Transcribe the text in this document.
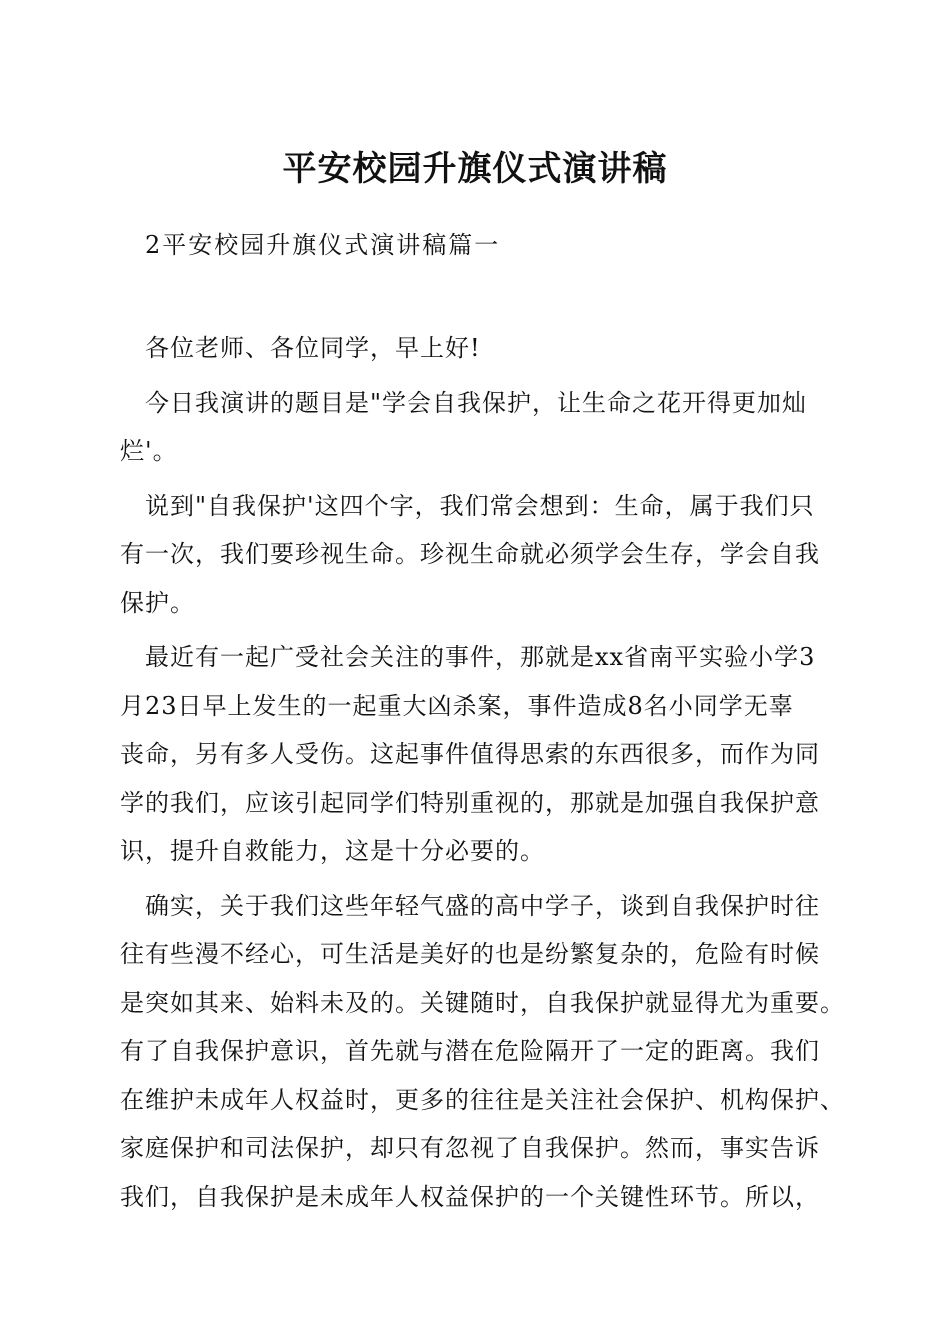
平安校园升旗仪式演讲稿
2平安校园升旗仪式演讲稿篇一
各位老师、各位同学，早上好!
今日我演讲的题目是"学会自我保护，让生命之花开得更加灿
烂'。
说到"自我保护'这四个字，我们常会想到：生命，属于我们只
有一次，我们要珍视生命。珍视生命就必须学会生存，学会自我
保护。
最近有一起广受社会关注的事件，那就是xx省南平实验小学3
月23日早上发生的一起重大凶杀案，事件造成8名小同学无辜
丧命，另有多人受伤。这起事件值得思索的东西很多，而作为同
学的我们，应该引起同学们特别重视的，那就是加强自我保护意
识，提升自救能力，这是十分必要的。
确实，关于我们这些年轻气盛的高中学子，谈到自我保护时往
往有些漫不经心，可生活是美好的也是纷繁复杂的，危险有时候
是突如其来、始料未及的。关键随时，自我保护就显得尤为重要。
有了自我保护意识，首先就与潜在危险隔开了一定的距离。我们
在维护未成年人权益时，更多的往往是关注社会保护、机构保护、
家庭保护和司法保护，却只有忽视了自我保护。然而，事实告诉
我们，自我保护是未成年人权益保护的一个关键性环节。所以，
